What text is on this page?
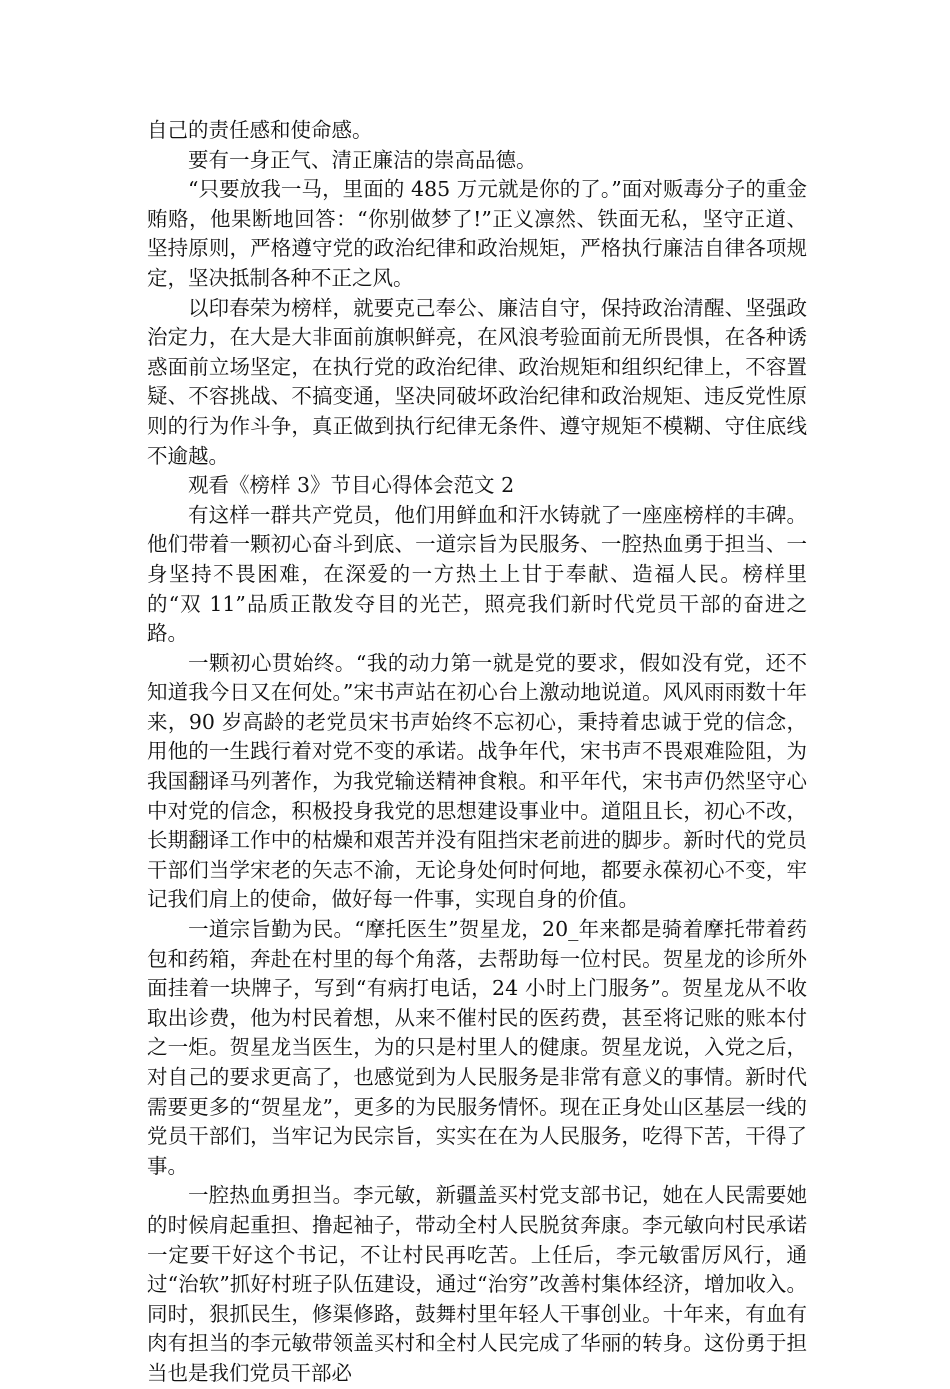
自己的责任感和使命感。

要有一身正气、清正廉洁的崇高品德。

“只要放我一马，里面的 485 万元就是你的了。”面对贩毒分子的重金贿赂，他果断地回答：“你别做梦了!”正义凛然、铁面无私，坚守正道、坚持原则，严格遵守党的政治纪律和政治规矩，严格执行廉洁自律各项规定，坚决抵制各种不正之风。

以印春荣为榜样，就要克己奉公、廉洁自守，保持政治清醒、坚强政治定力，在大是大非面前旗帜鲜亮，在风浪考验面前无所畏惧，在各种诱惑面前立场坚定，在执行党的政治纪律、政治规矩和组织纪律上，不容置疑、不容挑战、不搞变通，坚决同破坏政治纪律和政治规矩、违反党性原则的行为作斗争，真正做到执行纪律无条件、遵守规矩不模糊、守住底线不逾越。

观看《榜样 3》节目心得体会范文 2

有这样一群共产党员，他们用鲜血和汗水铸就了一座座榜样的丰碑。他们带着一颗初心奋斗到底、一道宗旨为民服务、一腔热血勇于担当、一身坚持不畏困难，在深爱的一方热土上甘于奉献、造福人民。榜样里的“双 11”品质正散发夺目的光芒，照亮我们新时代党员干部的奋进之路。

一颗初心贯始终。“我的动力第一就是党的要求，假如没有党，还不知道我今日又在何处。”宋书声站在初心台上激动地说道。风风雨雨数十年来，90 岁高龄的老党员宋书声始终不忘初心，秉持着忠诚于党的信念，用他的一生践行着对党不变的承诺。战争年代，宋书声不畏艰难险阻，为我国翻译马列著作，为我党输送精神食粮。和平年代，宋书声仍然坚守心中对党的信念，积极投身我党的思想建设事业中。道阻且长，初心不改，长期翻译工作中的枯燥和艰苦并没有阻挡宋老前进的脚步。新时代的党员干部们当学宋老的矢志不渝，无论身处何时何地，都要永葆初心不变，牢记我们肩上的使命，做好每一件事，实现自身的价值。

一道宗旨勤为民。“摩托医生”贺星龙，20_年来都是骑着摩托带着药包和药箱，奔赴在村里的每个角落，去帮助每一位村民。贺星龙的诊所外面挂着一块牌子，写到“有病打电话，24 小时上门服务”。贺星龙从不收取出诊费，他为村民着想，从来不催村民的医药费，甚至将记账的账本付之一炬。贺星龙当医生，为的只是村里人的健康。贺星龙说，入党之后，对自己的要求更高了，也感觉到为人民服务是非常有意义的事情。新时代需要更多的“贺星龙”，更多的为民服务情怀。现在正身处山区基层一线的党员干部们，当牢记为民宗旨，实实在在为人民服务，吃得下苦，干得了事。

一腔热血勇担当。李元敏，新疆盖买村党支部书记，她在人民需要她的时候肩起重担、撸起袖子，带动全村人民脱贫奔康。李元敏向村民承诺一定要干好这个书记，不让村民再吃苦。上任后，李元敏雷厉风行，通过“治软”抓好村班子队伍建设，通过“治穷”改善村集体经济，增加收入。同时，狠抓民生，修渠修路，鼓舞村里年轻人干事创业。十年来，有血有肉有担当的李元敏带领盖买村和全村人民完成了华丽的转身。这份勇于担当也是我们党员干部必
